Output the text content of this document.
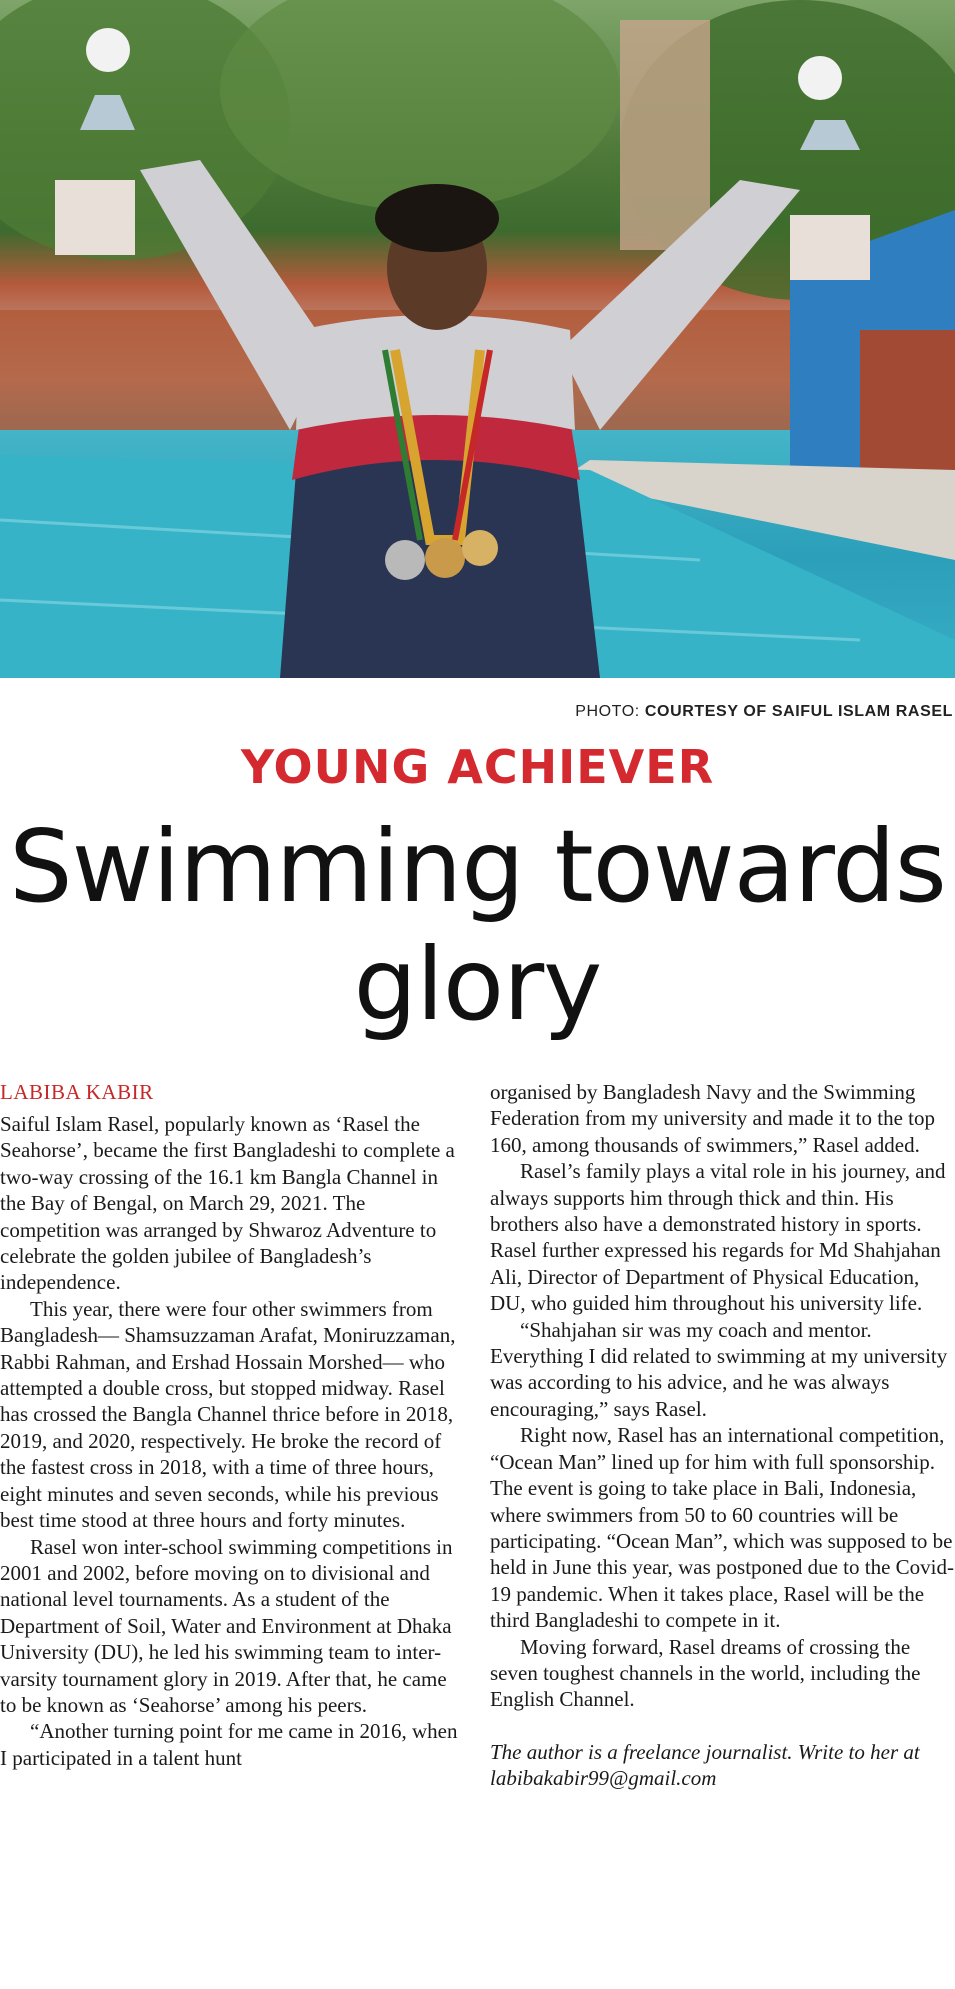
PHOTO: COURTESY OF SAIFUL ISLAM RASEL
YOUNG ACHIEVER
Swimming towards glory
LABIBA KABIR

Saiful Islam Rasel, popularly known as ‘Rasel the Seahorse’, became the first Bangladeshi to complete a two-way crossing of the 16.1 km Bangla Channel in the Bay of Bengal, on March 29, 2021. The competition was arranged by Shwaroz Adventure to celebrate the golden jubilee of Bangladesh’s independence.

This year, there were four other swimmers from Bangladesh— Shamsuzzaman Arafat, Moniruzzaman, Rabbi Rahman, and Ershad Hossain Morshed— who attempted a double cross, but stopped midway. Rasel has crossed the Bangla Channel thrice before in 2018, 2019, and 2020, respectively. He broke the record of the fastest cross in 2018, with a time of three hours, eight minutes and seven seconds, while his previous best time stood at three hours and forty minutes.

Rasel won inter-school swimming competitions in 2001 and 2002, before moving on to divisional and national level tournaments. As a student of the Department of Soil, Water and Environment at Dhaka University (DU), he led his swimming team to inter-varsity tournament glory in 2019. After that, he came to be known as ‘Seahorse’ among his peers.

“Another turning point for me came in 2016, when I participated in a talent hunt

organised by Bangladesh Navy and the Swimming Federation from my university and made it to the top 160, among thousands of swimmers,” Rasel added.

Rasel’s family plays a vital role in his journey, and always supports him through thick and thin. His brothers also have a demonstrated history in sports. Rasel further expressed his regards for Md Shahjahan Ali, Director of Department of Physical Education, DU, who guided him throughout his university life.

“Shahjahan sir was my coach and mentor. Everything I did related to swimming at my university was according to his advice, and he was always encouraging,” says Rasel.

Right now, Rasel has an international competition, “Ocean Man” lined up for him with full sponsorship. The event is going to take place in Bali, Indonesia, where swimmers from 50 to 60 countries will be participating. “Ocean Man”, which was supposed to be held in June this year, was postponed due to the Covid-19 pandemic. When it takes place, Rasel will be the third Bangladeshi to compete in it.

Moving forward, Rasel dreams of crossing the seven toughest channels in the world, including the English Channel.

The author is a freelance journalist. Write to her at labibakabir99@gmail.com
